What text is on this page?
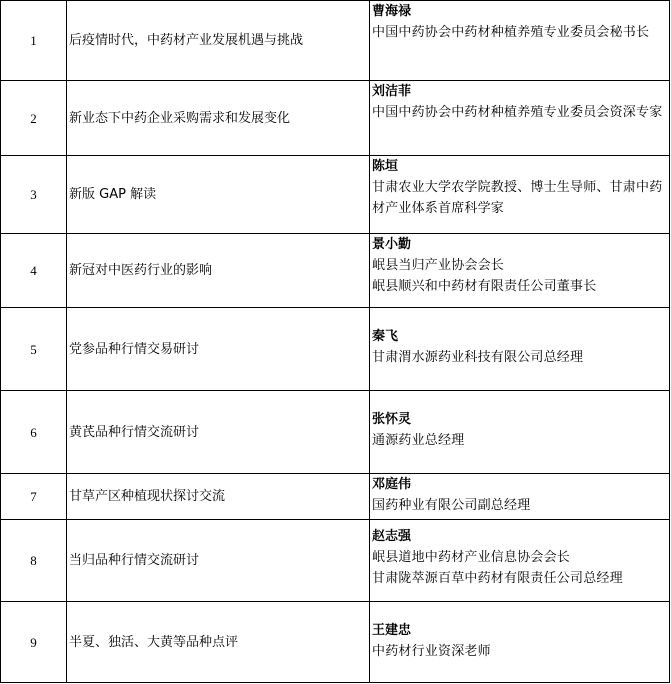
1	后疫情时代，中药材产业发展机遇与挑战	曹海禄
中国中药协会中药材种植养殖专业委员会秘书长

2	新业态下中药企业采购需求和发展变化	刘洁菲
中国中药协会中药材种植养殖专业委员会资深专家

3	新版 GAP 解读	陈垣
甘肃农业大学农学院教授、博士生导师、甘肃中药材产业体系首席科学家

4	新冠对中医药行业的影响	景小勤
岷县当归产业协会会长
岷县顺兴和中药材有限责任公司董事长

5	党参品种行情交易研讨	秦飞
甘肃渭水源药业科技有限公司总经理

6	黄芪品种行情交流研讨	张怀灵
通源药业总经理

7	甘草产区种植现状探讨交流	邓庭伟
国药种业有限公司副总经理

8	当归品种行情交流研讨	赵志强
岷县道地中药材产业信息协会会长
甘肃陇萃源百草中药材有限责任公司总经理

9	半夏、独活、大黄等品种点评	王建忠
中药材行业资深老师
